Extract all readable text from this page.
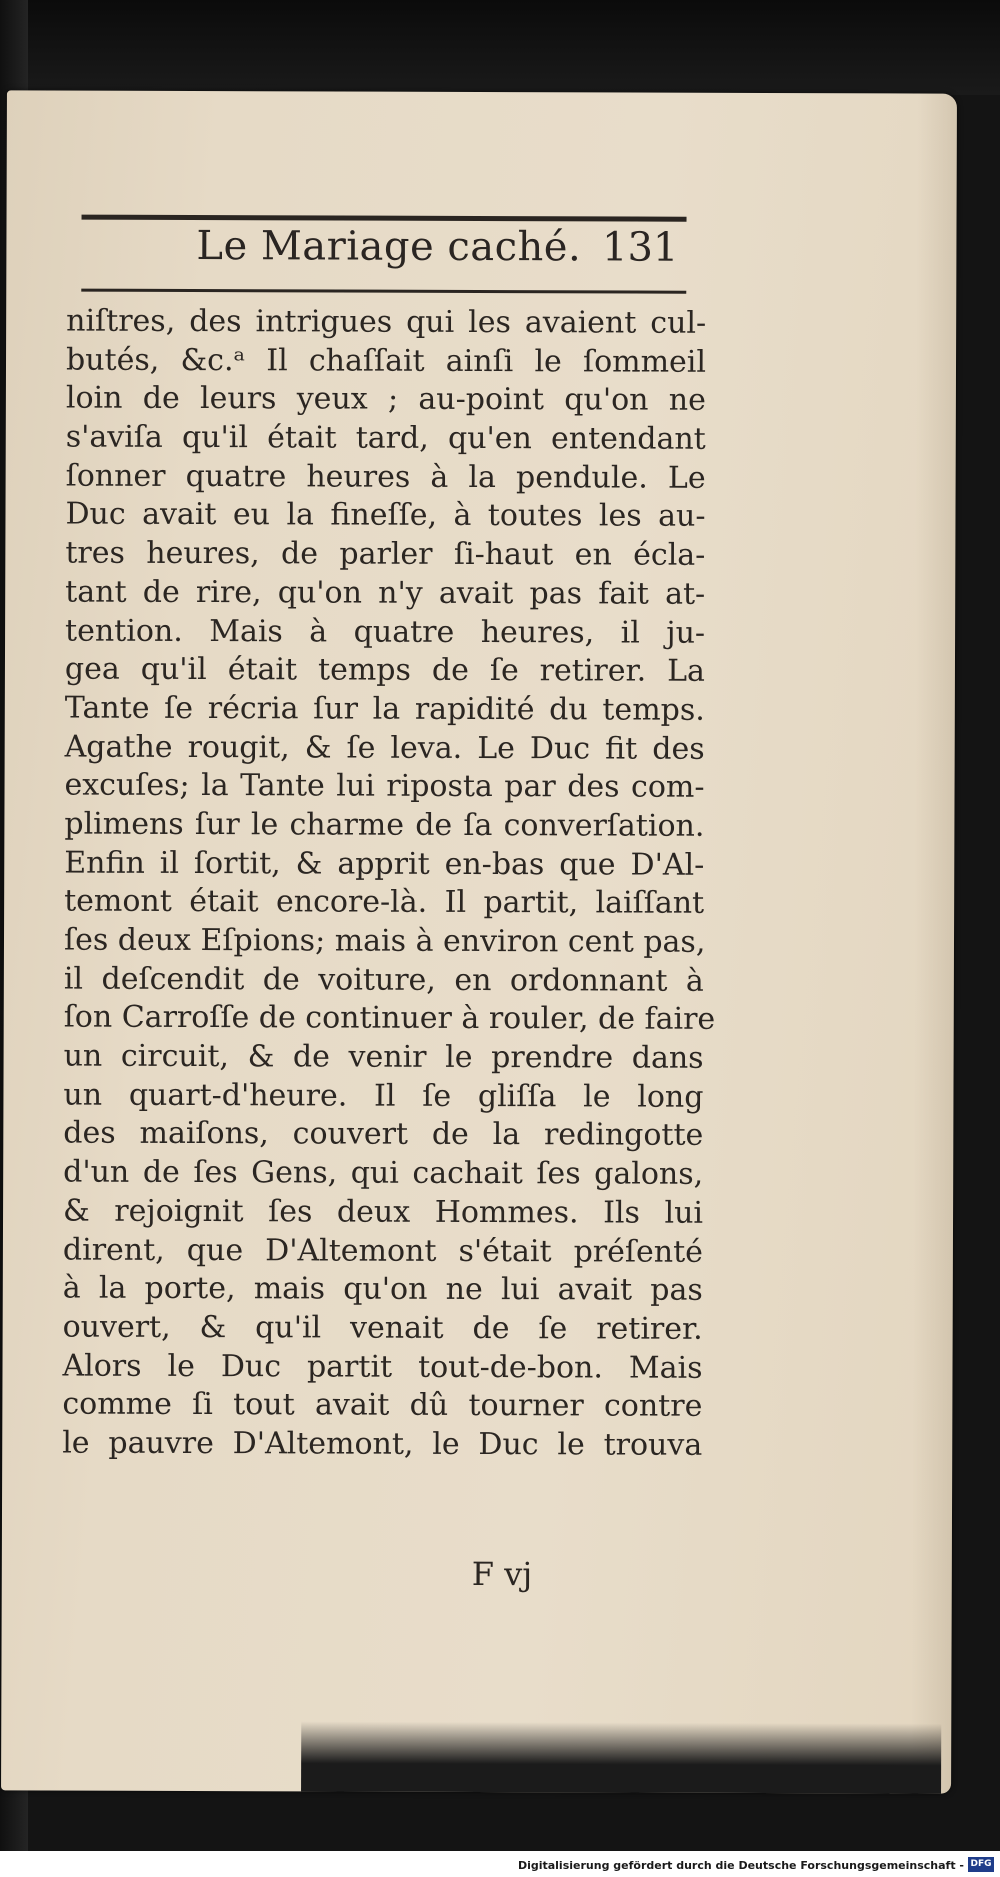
Le Mariage caché. 131
niſtres, des intrigues qui les avaient cul-
butés, &c.ᵃ Il chaſſait ainſi le ſommeil
loin de leurs yeux ; au-point qu'on ne
s'aviſa qu'il était tard, qu'en entendant
ſonner quatre heures à la pendule. Le
Duc avait eu la fineſſe, à toutes les au-
tres heures, de parler ſi-haut en écla-
tant de rire, qu'on n'y avait pas fait at-
tention. Mais à quatre heures, il ju-
gea qu'il était temps de ſe retirer. La
Tante ſe récria ſur la rapidité du temps.
Agathe rougit, & ſe leva. Le Duc fit des
excuſes; la Tante lui riposta par des com-
plimens ſur le charme de ſa converſation.
Enfin il ſortit, & apprit en-bas que D'Al-
temont était encore-là. Il partit, laiſſant
ſes deux Eſpions; mais à environ cent pas,
il deſcendit de voiture, en ordonnant à
ſon Carroſſe de continuer à rouler, de faire
un circuit, & de venir le prendre dans
un quart-d'heure. Il ſe gliſſa le long
des maiſons, couvert de la redingotte
d'un de ſes Gens, qui cachait ſes galons,
& rejoignit ſes deux Hommes. Ils lui
dirent, que D'Altemont s'était préſenté
à la porte, mais qu'on ne lui avait pas
ouvert, & qu'il venait de ſe retirer.
Alors le Duc partit tout-de-bon. Mais
comme ſi tout avait dû tourner contre
le pauvre D'Altemont, le Duc le trouva
F vj
Digitalisierung gefördert durch die Deutsche Forschungsgemeinschaft - DFG
